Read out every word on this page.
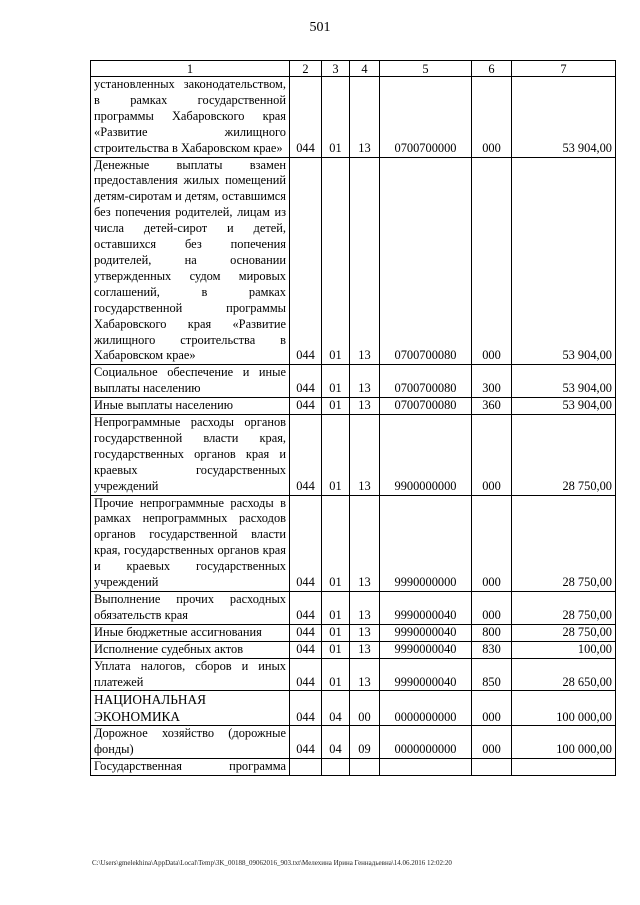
501
1	2	3	4	5	6	7
установленных законодательством, в рамках государственной программы Хабаровского края «Развитие жилищного строительства в Хабаровском крае»	044	01	13	0700700000	000	53 904,00
Денежные выплаты взамен предоставления жилых помещений детям-сиротам и детям, оставшимся без попечения родителей, лицам из числа детей-сирот и детей, оставшихся без попечения родителей, на основании утвержденных судом мировых соглашений, в рамках государственной программы Хабаровского края «Развитие жилищного строительства в Хабаровском крае»	044	01	13	0700700080	000	53 904,00
Социальное обеспечение и иные выплаты населению	044	01	13	0700700080	300	53 904,00
Иные выплаты населению	044	01	13	0700700080	360	53 904,00
Непрограммные расходы органов государственной власти края, государственных органов края и краевых государственных учреждений	044	01	13	9900000000	000	28 750,00
Прочие непрограммные расходы в рамках непрограммных расходов органов государственной власти края, государственных органов края и краевых государственных учреждений	044	01	13	9990000000	000	28 750,00
Выполнение прочих расходных обязательств края	044	01	13	9990000040	000	28 750,00
Иные бюджетные ассигнования	044	01	13	9990000040	800	28 750,00
Исполнение судебных актов	044	01	13	9990000040	830	100,00
Уплата налогов, сборов и иных платежей	044	01	13	9990000040	850	28 650,00
НАЦИОНАЛЬНАЯ ЭКОНОМИКА	044	04	00	0000000000	000	100 000,00
Дорожное хозяйство (дорожные фонды)	044	04	09	0000000000	000	100 000,00
Государственная программа						
C:\Users\gmelekhina\AppData\Local\Temp\3K_00188_09062016_903.txt\Мелехина Ирина Геннадьевна\14.06.2016 12:02:20
